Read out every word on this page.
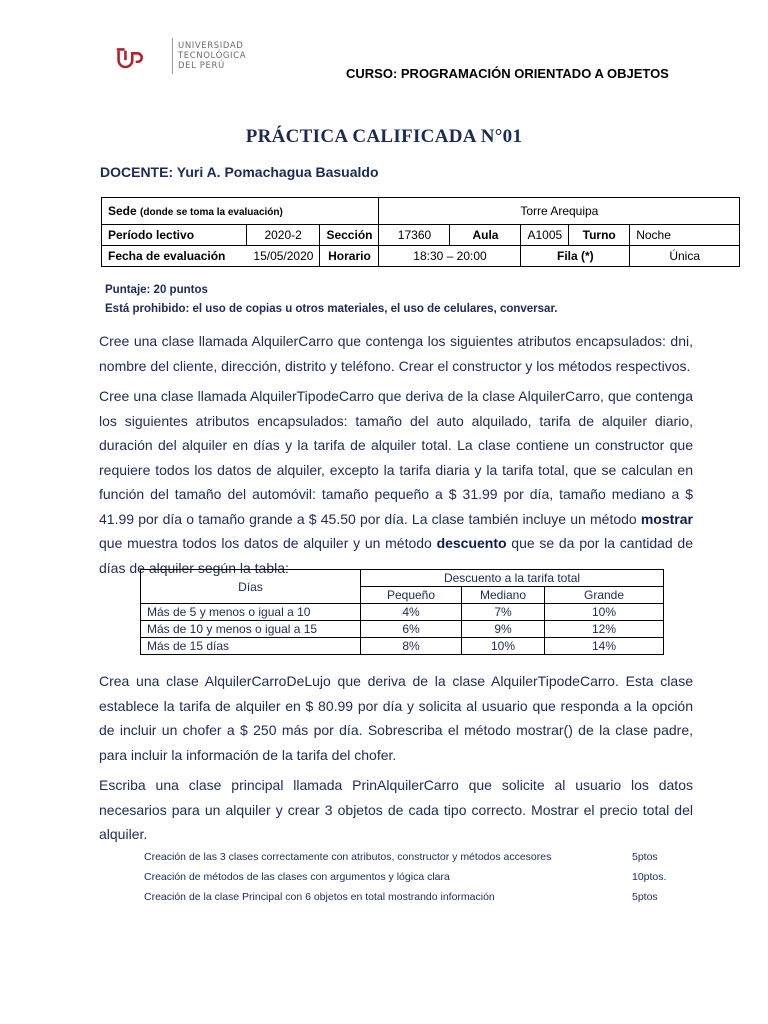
UNIVERSIDAD
TECNOLÓGICA
DEL PERÚ	CURSO: PROGRAMACIÓN ORIENTADO A OBJETOS
PRÁCTICA CALIFICADA N°01
DOCENTE: Yuri A. Pomachagua Basualdo
Sede (donde se toma la evaluación)			Torre Arequipa				
Período lectivo	2020-2	Sección	17360	Aula	A1005	Turno	Noche
Fecha de evaluación 15/05/2020		Horario	18:30 – 20:00		Fila (*)		Única
Puntaje: 20 puntos
Está prohibido: el uso de copias u otros materiales, el uso de celulares, conversar.
Cree una clase llamada AlquilerCarro que contenga los siguientes atributos encapsulados: dni, nombre del cliente, dirección, distrito y teléfono. Crear el constructor y los métodos respectivos.
Cree una clase llamada AlquilerTipodeCarro que deriva de la clase AlquilerCarro, que contenga los siguientes atributos encapsulados: tamaño del auto alquilado, tarifa de alquiler diario, duración del alquiler en días y la tarifa de alquiler total. La clase contiene un constructor que requiere todos los datos de alquiler, excepto la tarifa diaria y la tarifa total, que se calculan en función del tamaño del automóvil: tamaño pequeño a $ 31.99 por día, tamaño mediano a $ 41.99 por día o tamaño grande a $ 45.50 por día. La clase también incluye un método mostrar que muestra todos los datos de alquiler y un método descuento que se da por la cantidad de días de alquiler según la tabla:
Días	Descuento a la tarifa total		
	Pequeño	Mediano	Grande
Más de 5 y menos o igual a 10	4%	7%	10%
Más de 10 y menos o igual a 15	6%	9%	12%
Más de 15 días	8%	10%	14%
Crea una clase AlquilerCarroDeLujo que deriva de la clase AlquilerTipodeCarro. Esta clase establece la tarifa de alquiler en $ 80.99 por día y solicita al usuario que responda a la opción de incluir un chofer a $ 250 más por día. Sobrescriba el método mostrar() de la clase padre, para incluir la información de la tarifa del chofer.
Escriba una clase principal llamada PrinAlquilerCarro que solicite al usuario los datos necesarios para un alquiler y crear 3 objetos de cada tipo correcto. Mostrar el precio total del alquiler.
Creación de las 3 clases correctamente con atributos, constructor y métodos accesores	5ptos
Creación de métodos de las clases con argumentos y lógica clara	10ptos.
Creación de la clase Principal con 6 objetos en total mostrando información	5ptos
